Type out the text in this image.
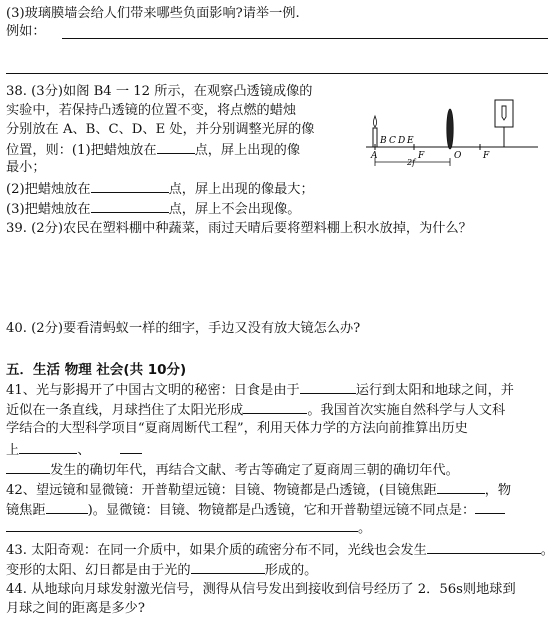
(3)玻璃膜墙会给人们带来哪些负面影响?请举一例.
例如：
38. (3分)如阁 B4 一 12 所示，在观察凸透镜成像的
实验中，若保持凸透镜的位置不变，将点燃的蜡烛
分别放在 A、B、C、D、E 处，并分别调整光屏的像
位置，则：(1)把蜡烛放在	点，屏上出现的像
最小；
(2)把蜡烛放在	点，屏上出现的像最大；
(3)把蜡烛放在	点，屏上不会出现像。
B C D E
A	F	O F
2f
39. (2分)农民在塑料棚中种蔬菜，雨过天晴后要将塑料棚上积水放掉，为什么？
40. (2分)要看清蚂蚁一样的细字，手边又没有放大镜怎么办?
五．生活 物理 社会(共 10分)
41、光与影揭开了中国古文明的秘密：日食是由于	运行到太阳和地球之间，并
近似在一条直线，月球挡住了太阳光形成	。我国首次实施自然科学与人文科
学结合的大型科学项目“夏商周断代工程”，利用天体力学的方法向前推算出历史
上	、
发生的确切年代，再结合文献、考古等确定了夏商周三朝的确切年代。
42、望远镜和显微镜：开普勒望远镜：目镜、物镜都是凸透镜，(目镜焦距	，物
镜焦距	)。显微镜：目镜、物镜都是凸透镜，它和开普勒望远镜不同点是：
。
43. 太阳奇观：在同一介质中，如果介质的疏密分布不同，光线也会发生	。
变形的太阳、幻日都是由于光的	形成的。
44. 从地球向月球发射激光信号，测得从信号发出到接收到信号经历了 2．56s则地球到
月球之间的距离是多少?
